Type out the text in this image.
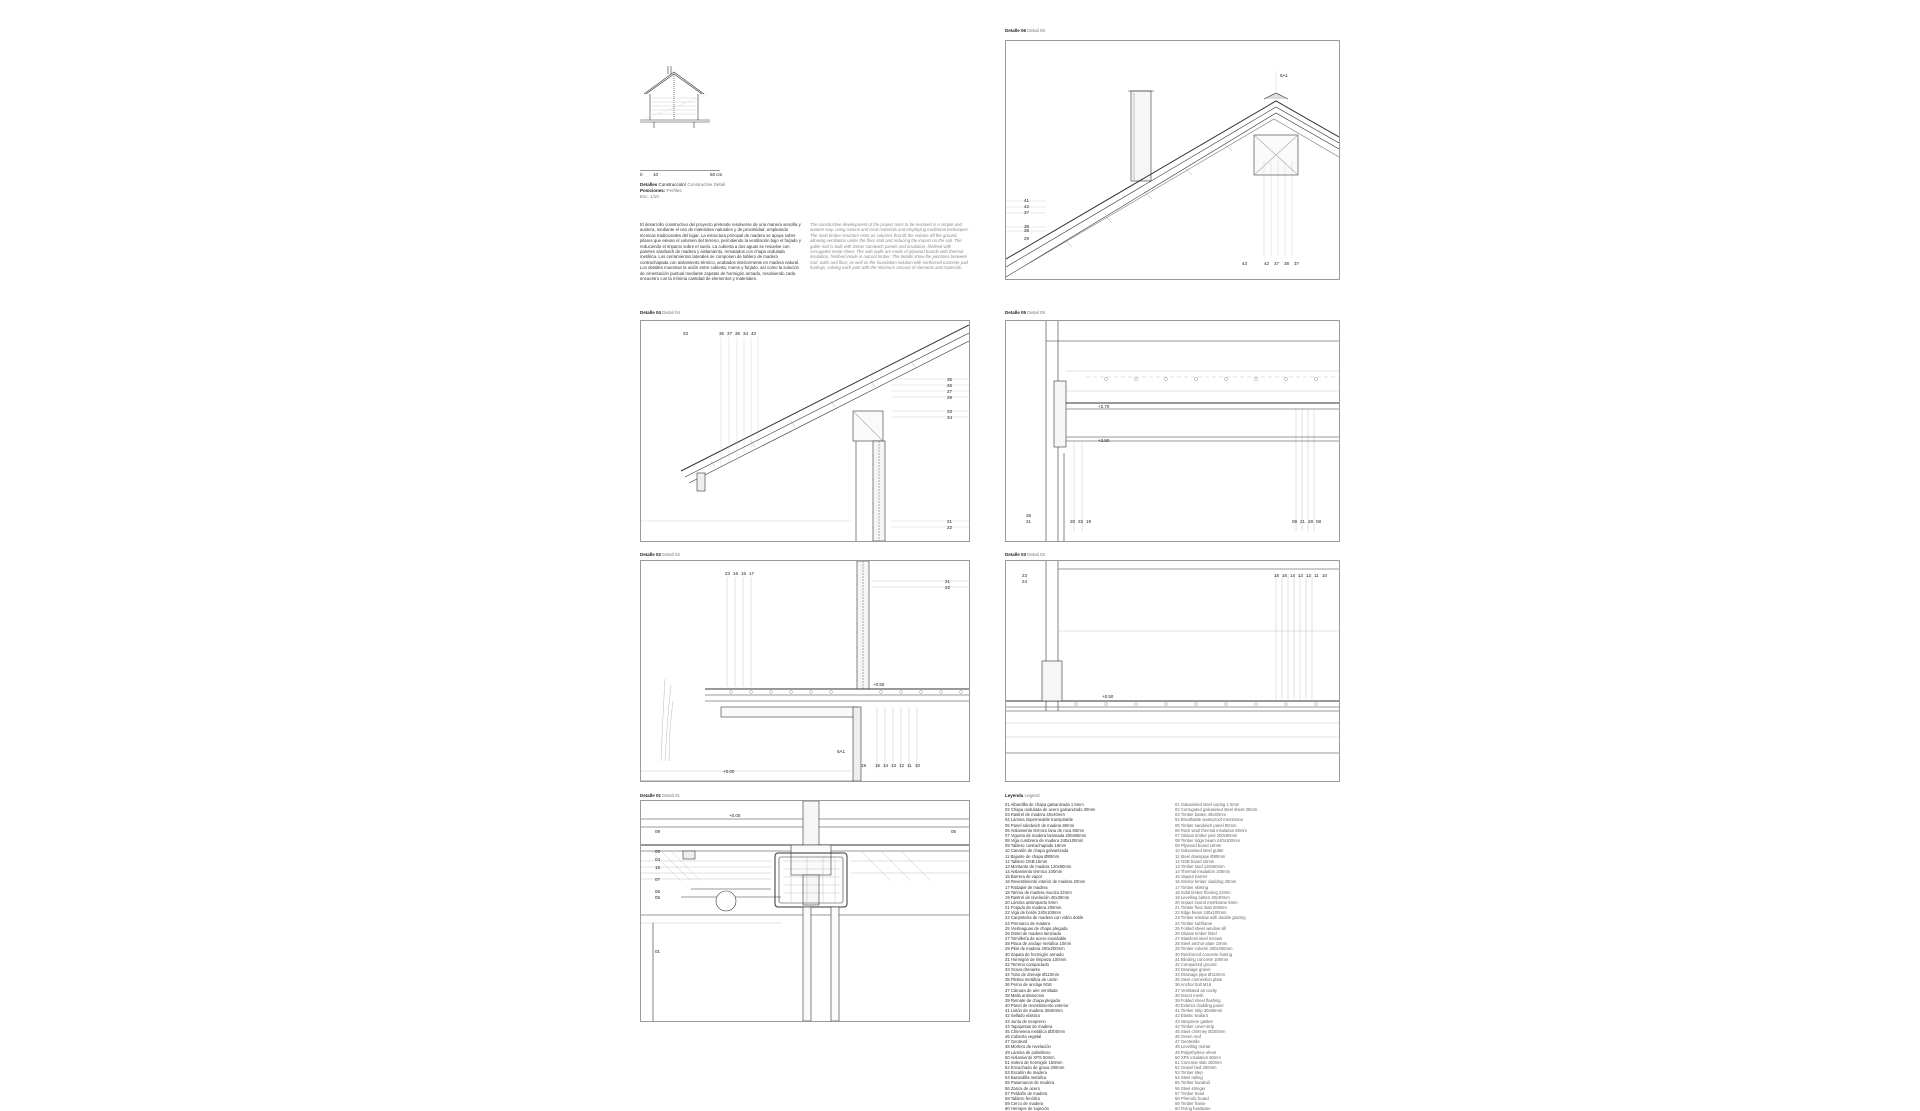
0 10	50 cm
Detalles Construcción/ Constructive Detail
Posiciones: Perfiles
Esc. 1/10
El desarrollo constructivo del proyecto pretende resolverse de una manera sencilla y austera, mediante el uso de materiales naturales y de proximidad, empleando técnicas tradicionales del lugar. La estructura principal de madera se apoya sobre pilares que elevan el volumen del terreno, permitiendo la ventilación bajo el forjado y reduciendo el impacto sobre el suelo. La cubierta a dos aguas se resuelve con paneles sándwich de madera y aislamiento, rematados con chapa ondulada metálica. Los cerramientos laterales se componen de tablero de madera contrachapada con aislamiento térmico, acabados interiormente en madera natural. Los detalles muestran la unión entre cubierta, muros y forjado, así como la solución de cimentación puntual mediante zapatas de hormigón armado, resolviendo cada encuentro con la mínima cantidad de elementos y materiales.
The constructive development of the project aims to be resolved in a simple and austere way, using natural and local materials and employing traditional techniques. The main timber structure rests on columns that lift the volume off the ground, allowing ventilation under the floor slab and reducing the impact on the soil. The gable roof is built with timber sandwich panels and insulation, finished with corrugated metal sheet. The side walls are made of plywood boards with thermal insulation, finished inside in natural timber. The details show the junctions between roof, walls and floor, as well as the foundation solution with reinforced concrete pad footings, solving each joint with the minimum amount of elements and materials.
Detalle 06 Detail 06
5A1
41
42
37
39
38
29
43	42 37 38 37
Detalle 04 Detail 04
33	36 37 38 34 40
35
26
27
28
33
34
21
22
Detalle 05 Detail 05
+2.70
+2.50
25
21	20 33 19	09 21 28 08
Detalle 02 Detail 02
23 16 16 17
21
22
+0.50
+0.00
5A1
19 15 14 13 12 11 10
Detalle 03 Detail 03
23
24
15 16 14 13 12 11 10
+0.50
Detalle 01 Detail 01
+0.00
09
08
04
15
07
06
05
01
05
Leyenda Legend
01 Albardilla de chapa galvanizada 1.5mm
02 Chapa ondulada de acero galvanizado 30mm
03 Rastrel de madera 40x40mm
04 Lámina impermeable transpirable
05 Panel sándwich de madera 80mm
06 Aislamiento térmico lana de roca 60mm
07 Vigueta de madera laminada 200x80mm
08 Viga cumbrera de madera 240x100mm
09 Tablero contrachapado 18mm
10 Canalón de chapa galvanizada
11 Bajante de chapa Ø80mm
12 Tablero OSB 15mm
13 Montante de madera 120x60mm
14 Aislamiento térmico 100mm
15 Barrera de vapor
16 Revestimiento interior de madera 20mm
17 Rodapié de madera
18 Tarima de madera maciza 22mm
19 Rastrel de nivelación 40x30mm
20 Lámina antiimpacto 5mm
21 Forjado de madera 200mm
22 Viga de borde 240x100mm
23 Carpintería de madera con vidrio doble
24 Premarco de madera
25 Vierteaguas de chapa plegada
26 Dintel de madera laminada
27 Tornillería de acero inoxidable
28 Placa de anclaje metálica 10mm
29 Pilar de madera 200x200mm
30 Zapata de hormigón armado
31 Hormigón de limpieza 100mm
32 Terreno compactado
33 Grava drenante
34 Tubo de drenaje Ø110mm
35 Pletina metálica de unión
36 Perno de anclaje M16
37 Cámara de aire ventilada
38 Malla antiinsectos
39 Remate de chapa plegada
40 Panel de revestimiento exterior
41 Listón de madera 30x50mm
42 Sellado elástico
43 Junta de neopreno
44 Tapajuntas de madera
45 Chimenea metálica Ø200mm
46 Cubierta vegetal
47 Geotextil
48 Mortero de nivelación
49 Lámina de polietileno
50 Aislamiento XPS 50mm
51 Solera de hormigón 150mm
52 Encachado de grava 200mm
53 Escalón de madera
54 Barandilla metálica
55 Pasamanos de madera
56 Zanca de acero
57 Peldaño de madera
58 Tablero fenólico
59 Cerco de madera
60 Herrajes de sujeción
01 Galvanised steel coping 1.5mm
02 Corrugated galvanised steel sheet 30mm
03 Timber batten 40x40mm
04 Breathable waterproof membrane
05 Timber sandwich panel 80mm
06 Rock wool thermal insulation 60mm
07 Glulam timber joist 200x80mm
08 Timber ridge beam 240x100mm
09 Plywood board 18mm
10 Galvanised steel gutter
11 Steel downpipe Ø80mm
12 OSB board 15mm
13 Timber stud 120x60mm
14 Thermal insulation 100mm
15 Vapour barrier
16 Interior timber cladding 20mm
17 Timber skirting
18 Solid timber flooring 22mm
19 Levelling batten 40x30mm
20 Impact sound membrane 5mm
21 Timber floor slab 200mm
22 Edge beam 240x100mm
23 Timber window with double glazing
24 Timber subframe
25 Folded sheet window sill
26 Glulam timber lintel
27 Stainless steel screws
28 Steel anchor plate 10mm
29 Timber column 200x200mm
30 Reinforced concrete footing
31 Blinding concrete 100mm
32 Compacted ground
33 Drainage gravel
34 Drainage pipe Ø110mm
35 Steel connection plate
36 Anchor bolt M16
37 Ventilated air cavity
38 Insect mesh
39 Folded sheet flashing
40 Exterior cladding panel
41 Timber strip 30x50mm
42 Elastic sealant
43 Neoprene gasket
44 Timber cover strip
45 Steel chimney Ø200mm
46 Green roof
47 Geotextile
48 Levelling mortar
49 Polyethylene sheet
50 XPS insulation 50mm
51 Concrete slab 150mm
52 Gravel bed 200mm
53 Timber step
54 Steel railing
55 Timber handrail
56 Steel stringer
57 Timber tread
58 Phenolic board
59 Timber frame
60 Fixing hardware
